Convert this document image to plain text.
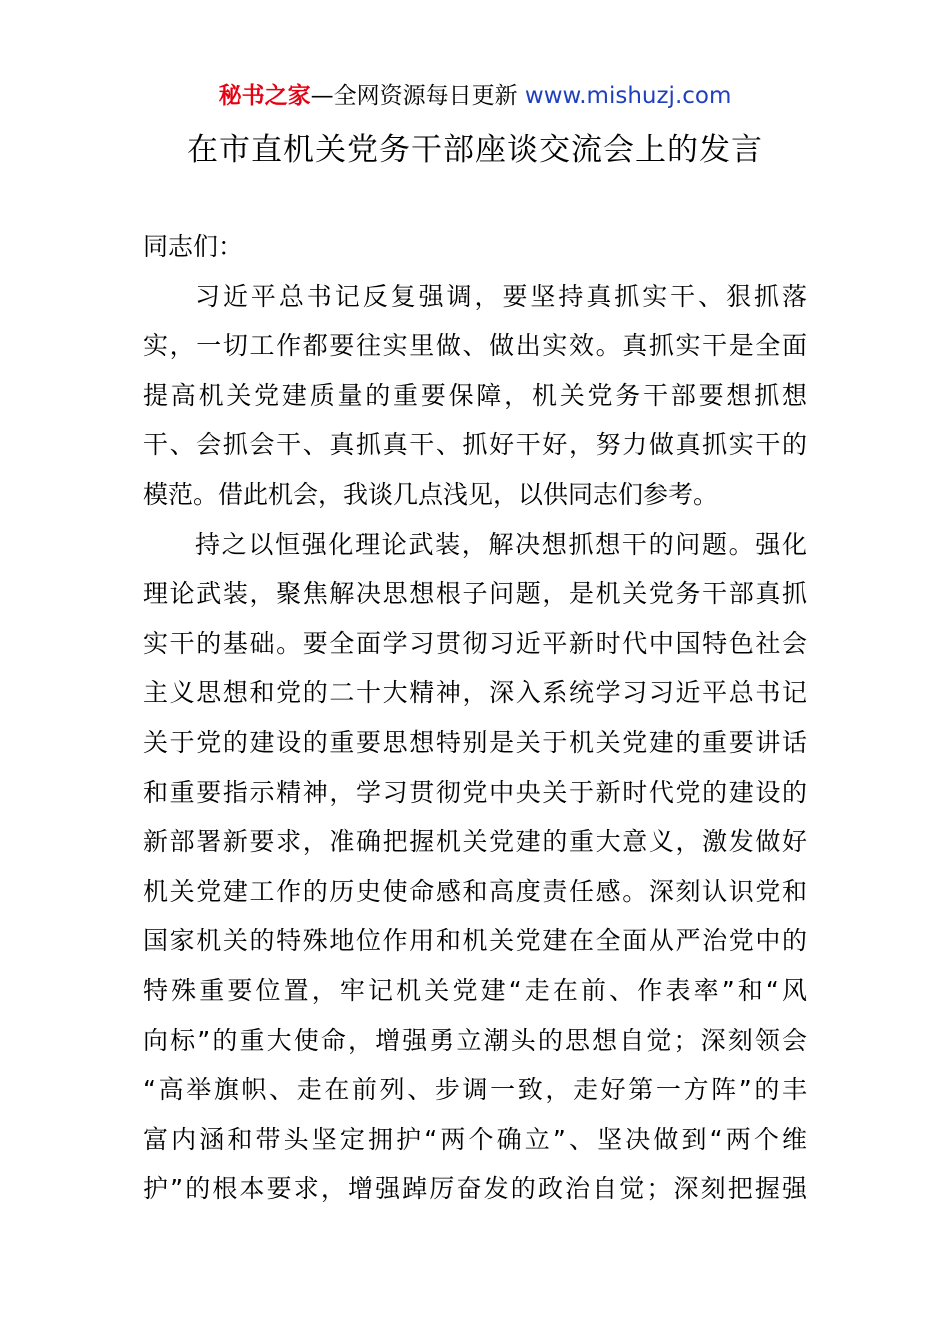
秘书之家—全网资源每日更新 www.mishuzj.com
在市直机关党务干部座谈交流会上的发言
同志们：
习近平总书记反复强调，要坚持真抓实干、狠抓落
实，一切工作都要往实里做、做出实效。真抓实干是全面
提高机关党建质量的重要保障，机关党务干部要想抓想
干、会抓会干、真抓真干、抓好干好，努力做真抓实干的
模范。借此机会，我谈几点浅见，以供同志们参考。
持之以恒强化理论武装，解决想抓想干的问题。强化
理论武装，聚焦解决思想根子问题，是机关党务干部真抓
实干的基础。要全面学习贯彻习近平新时代中国特色社会
主义思想和党的二十大精神，深入系统学习习近平总书记
关于党的建设的重要思想特别是关于机关党建的重要讲话
和重要指示精神，学习贯彻党中央关于新时代党的建设的
新部署新要求，准确把握机关党建的重大意义，激发做好
机关党建工作的历史使命感和高度责任感。深刻认识党和
国家机关的特殊地位作用和机关党建在全面从严治党中的
特殊重要位置，牢记机关党建“走在前、作表率”和“风
向标”的重大使命，增强勇立潮头的思想自觉；深刻领会
“高举旗帜、走在前列、步调一致，走好第一方阵”的丰
富内涵和带头坚定拥护“两个确立”、坚决做到“两个维
护”的根本要求，增强踔厉奋发的政治自觉；深刻把握强
